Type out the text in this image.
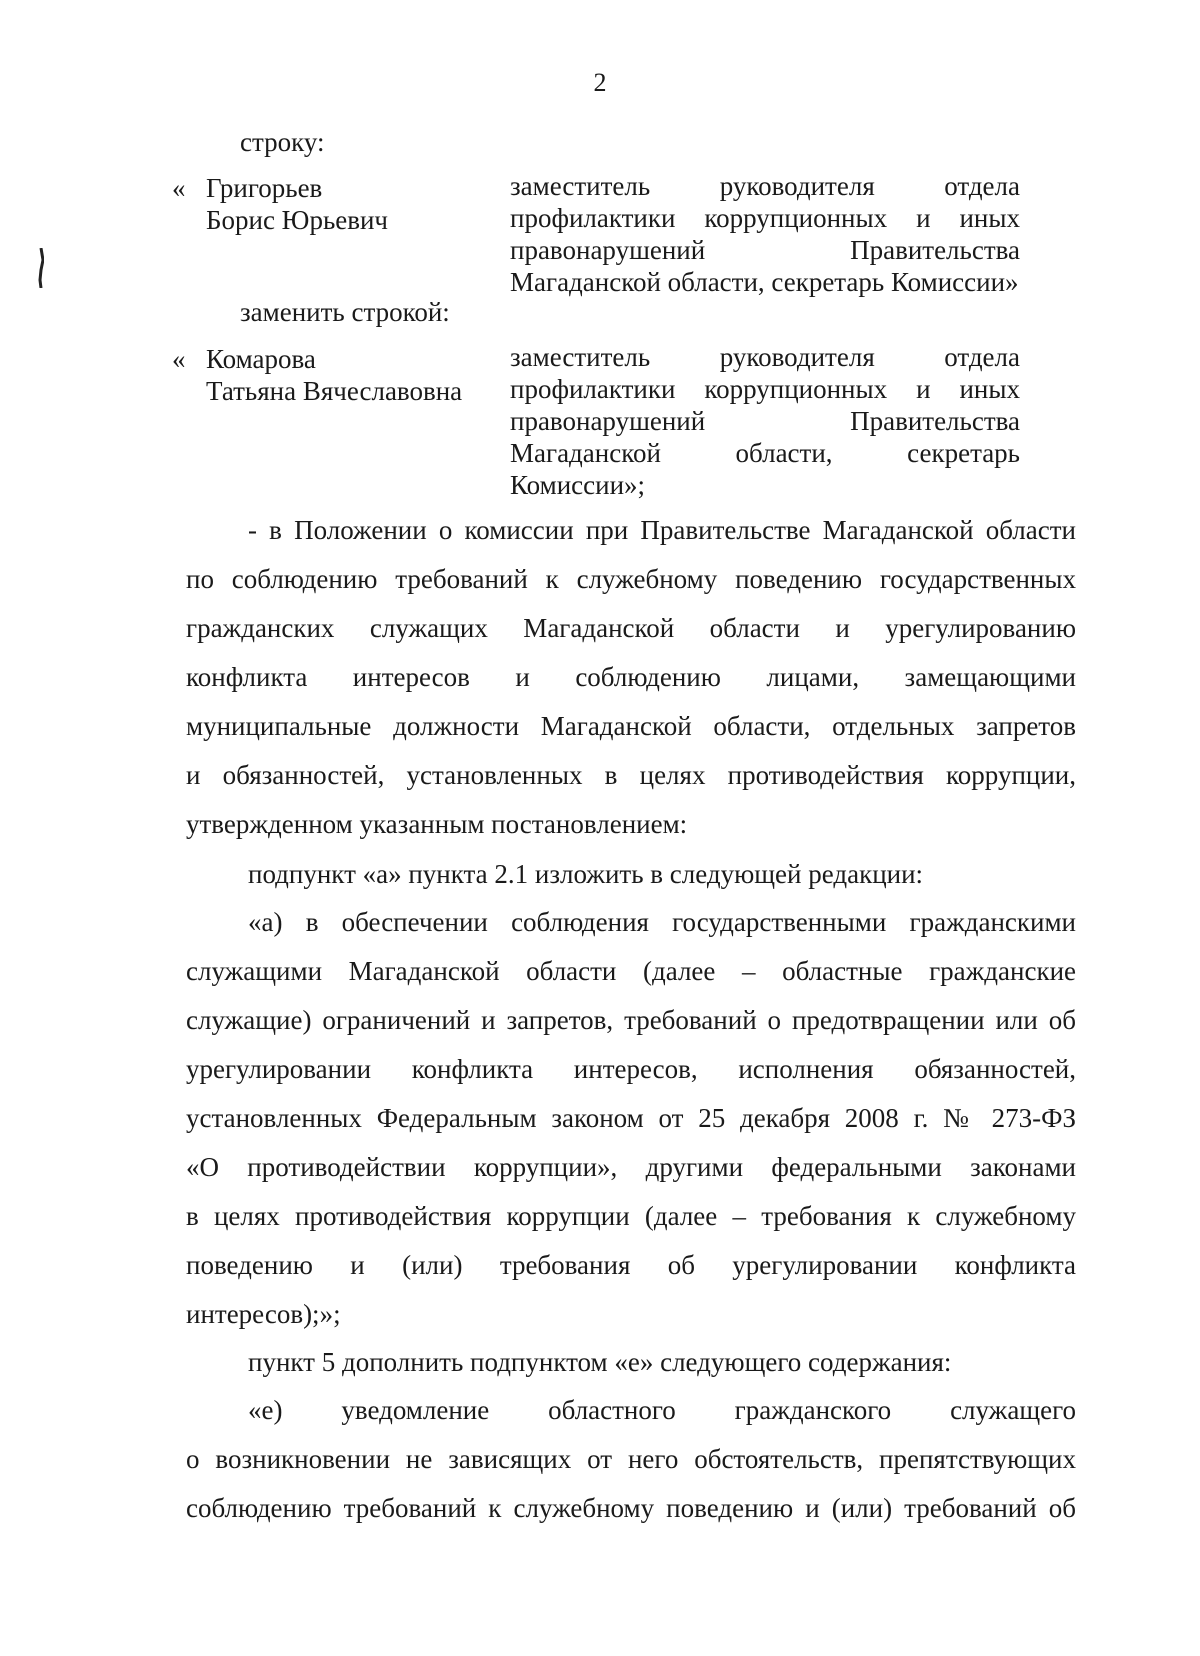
2
строку:
« Григорьев
Борис Юрьевич
заместитель руководителя отдела
профилактики коррупционных и иных
правонарушений Правительства
Магаданской области, секретарь Комиссии»
заменить строкой:
« Комарова
Татьяна Вячеславовна
заместитель руководителя отдела
профилактики коррупционных и иных
правонарушений Правительства
Магаданской области, секретарь
Комиссии»;
- в Положении о комиссии при Правительстве Магаданской области
по соблюдению требований к служебному поведению государственных
гражданских служащих Магаданской области и урегулированию
конфликта интересов и соблюдению лицами, замещающими
муниципальные должности Магаданской области, отдельных запретов
и обязанностей, установленных в целях противодействия коррупции,
утвержденном указанным постановлением:
подпункт «а» пункта 2.1 изложить в следующей редакции:
«а) в обеспечении соблюдения государственными гражданскими
служащими Магаданской области (далее – областные гражданские
служащие) ограничений и запретов, требований о предотвращении или об
урегулировании конфликта интересов, исполнения обязанностей,
установленных Федеральным законом от 25 декабря 2008 г. № 273-ФЗ
«О противодействии коррупции», другими федеральными законами
в целях противодействия коррупции (далее – требования к служебному
поведению и (или) требования об урегулировании конфликта
интересов);»;
пункт 5 дополнить подпунктом «е» следующего содержания:
«е) уведомление областного гражданского служащего
о возникновении не зависящих от него обстоятельств, препятствующих
соблюдению требований к служебному поведению и (или) требований об
